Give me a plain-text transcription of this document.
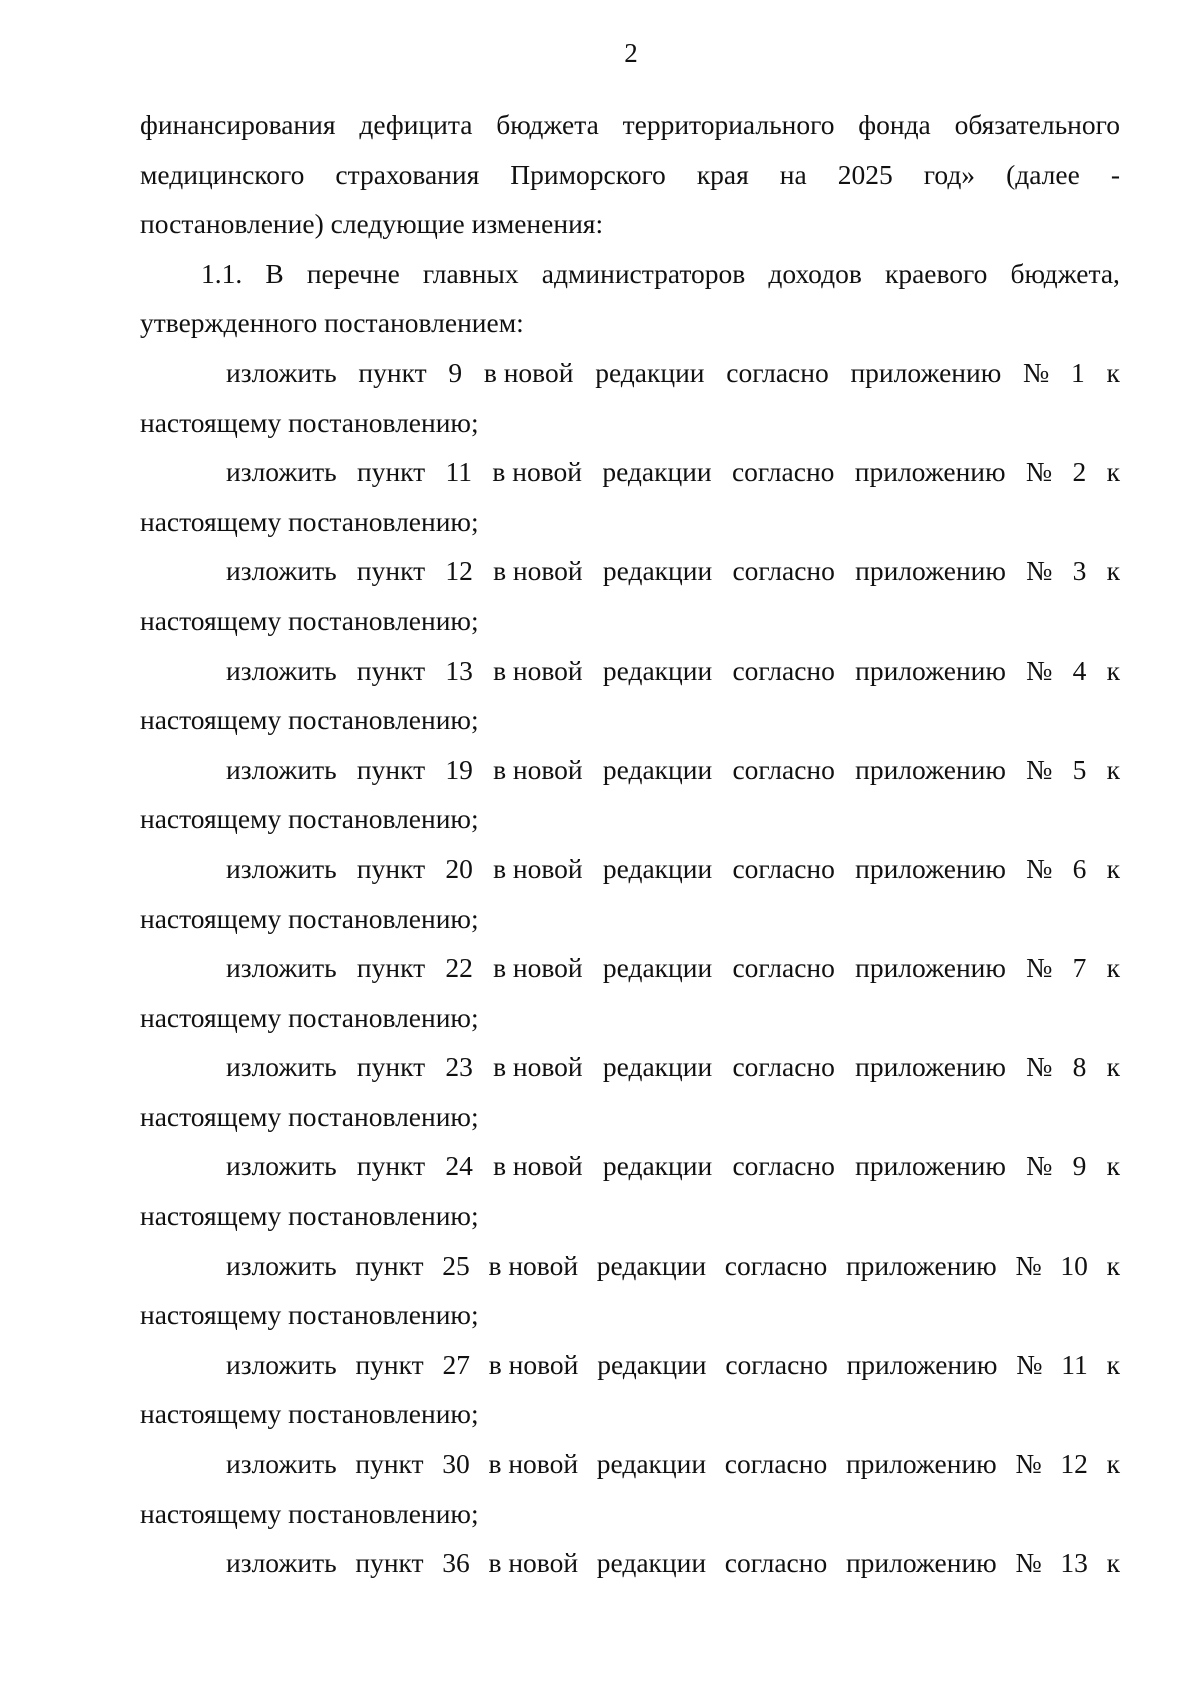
2
финансирования дефицита бюджета территориального фонда обязательного
медицинского страхования Приморского края на 2025 год» (далее -
постановление) следующие изменения:
1.1. В перечне главных администраторов доходов краевого бюджета,
утвержденного постановлением:
изложить пункт 9 в новой редакции согласно приложению № 1 к
настоящему постановлению;
изложить пункт 11 в новой редакции согласно приложению № 2 к
настоящему постановлению;
изложить пункт 12 в новой редакции согласно приложению № 3 к
настоящему постановлению;
изложить пункт 13 в новой редакции согласно приложению № 4 к
настоящему постановлению;
изложить пункт 19 в новой редакции согласно приложению № 5 к
настоящему постановлению;
изложить пункт 20 в новой редакции согласно приложению № 6 к
настоящему постановлению;
изложить пункт 22 в новой редакции согласно приложению № 7 к
настоящему постановлению;
изложить пункт 23 в новой редакции согласно приложению № 8 к
настоящему постановлению;
изложить пункт 24 в новой редакции согласно приложению № 9 к
настоящему постановлению;
изложить пункт 25 в новой редакции согласно приложению № 10 к
настоящему постановлению;
изложить пункт 27 в новой редакции согласно приложению № 11 к
настоящему постановлению;
изложить пункт 30 в новой редакции согласно приложению № 12 к
настоящему постановлению;
изложить пункт 36 в новой редакции согласно приложению № 13 к
